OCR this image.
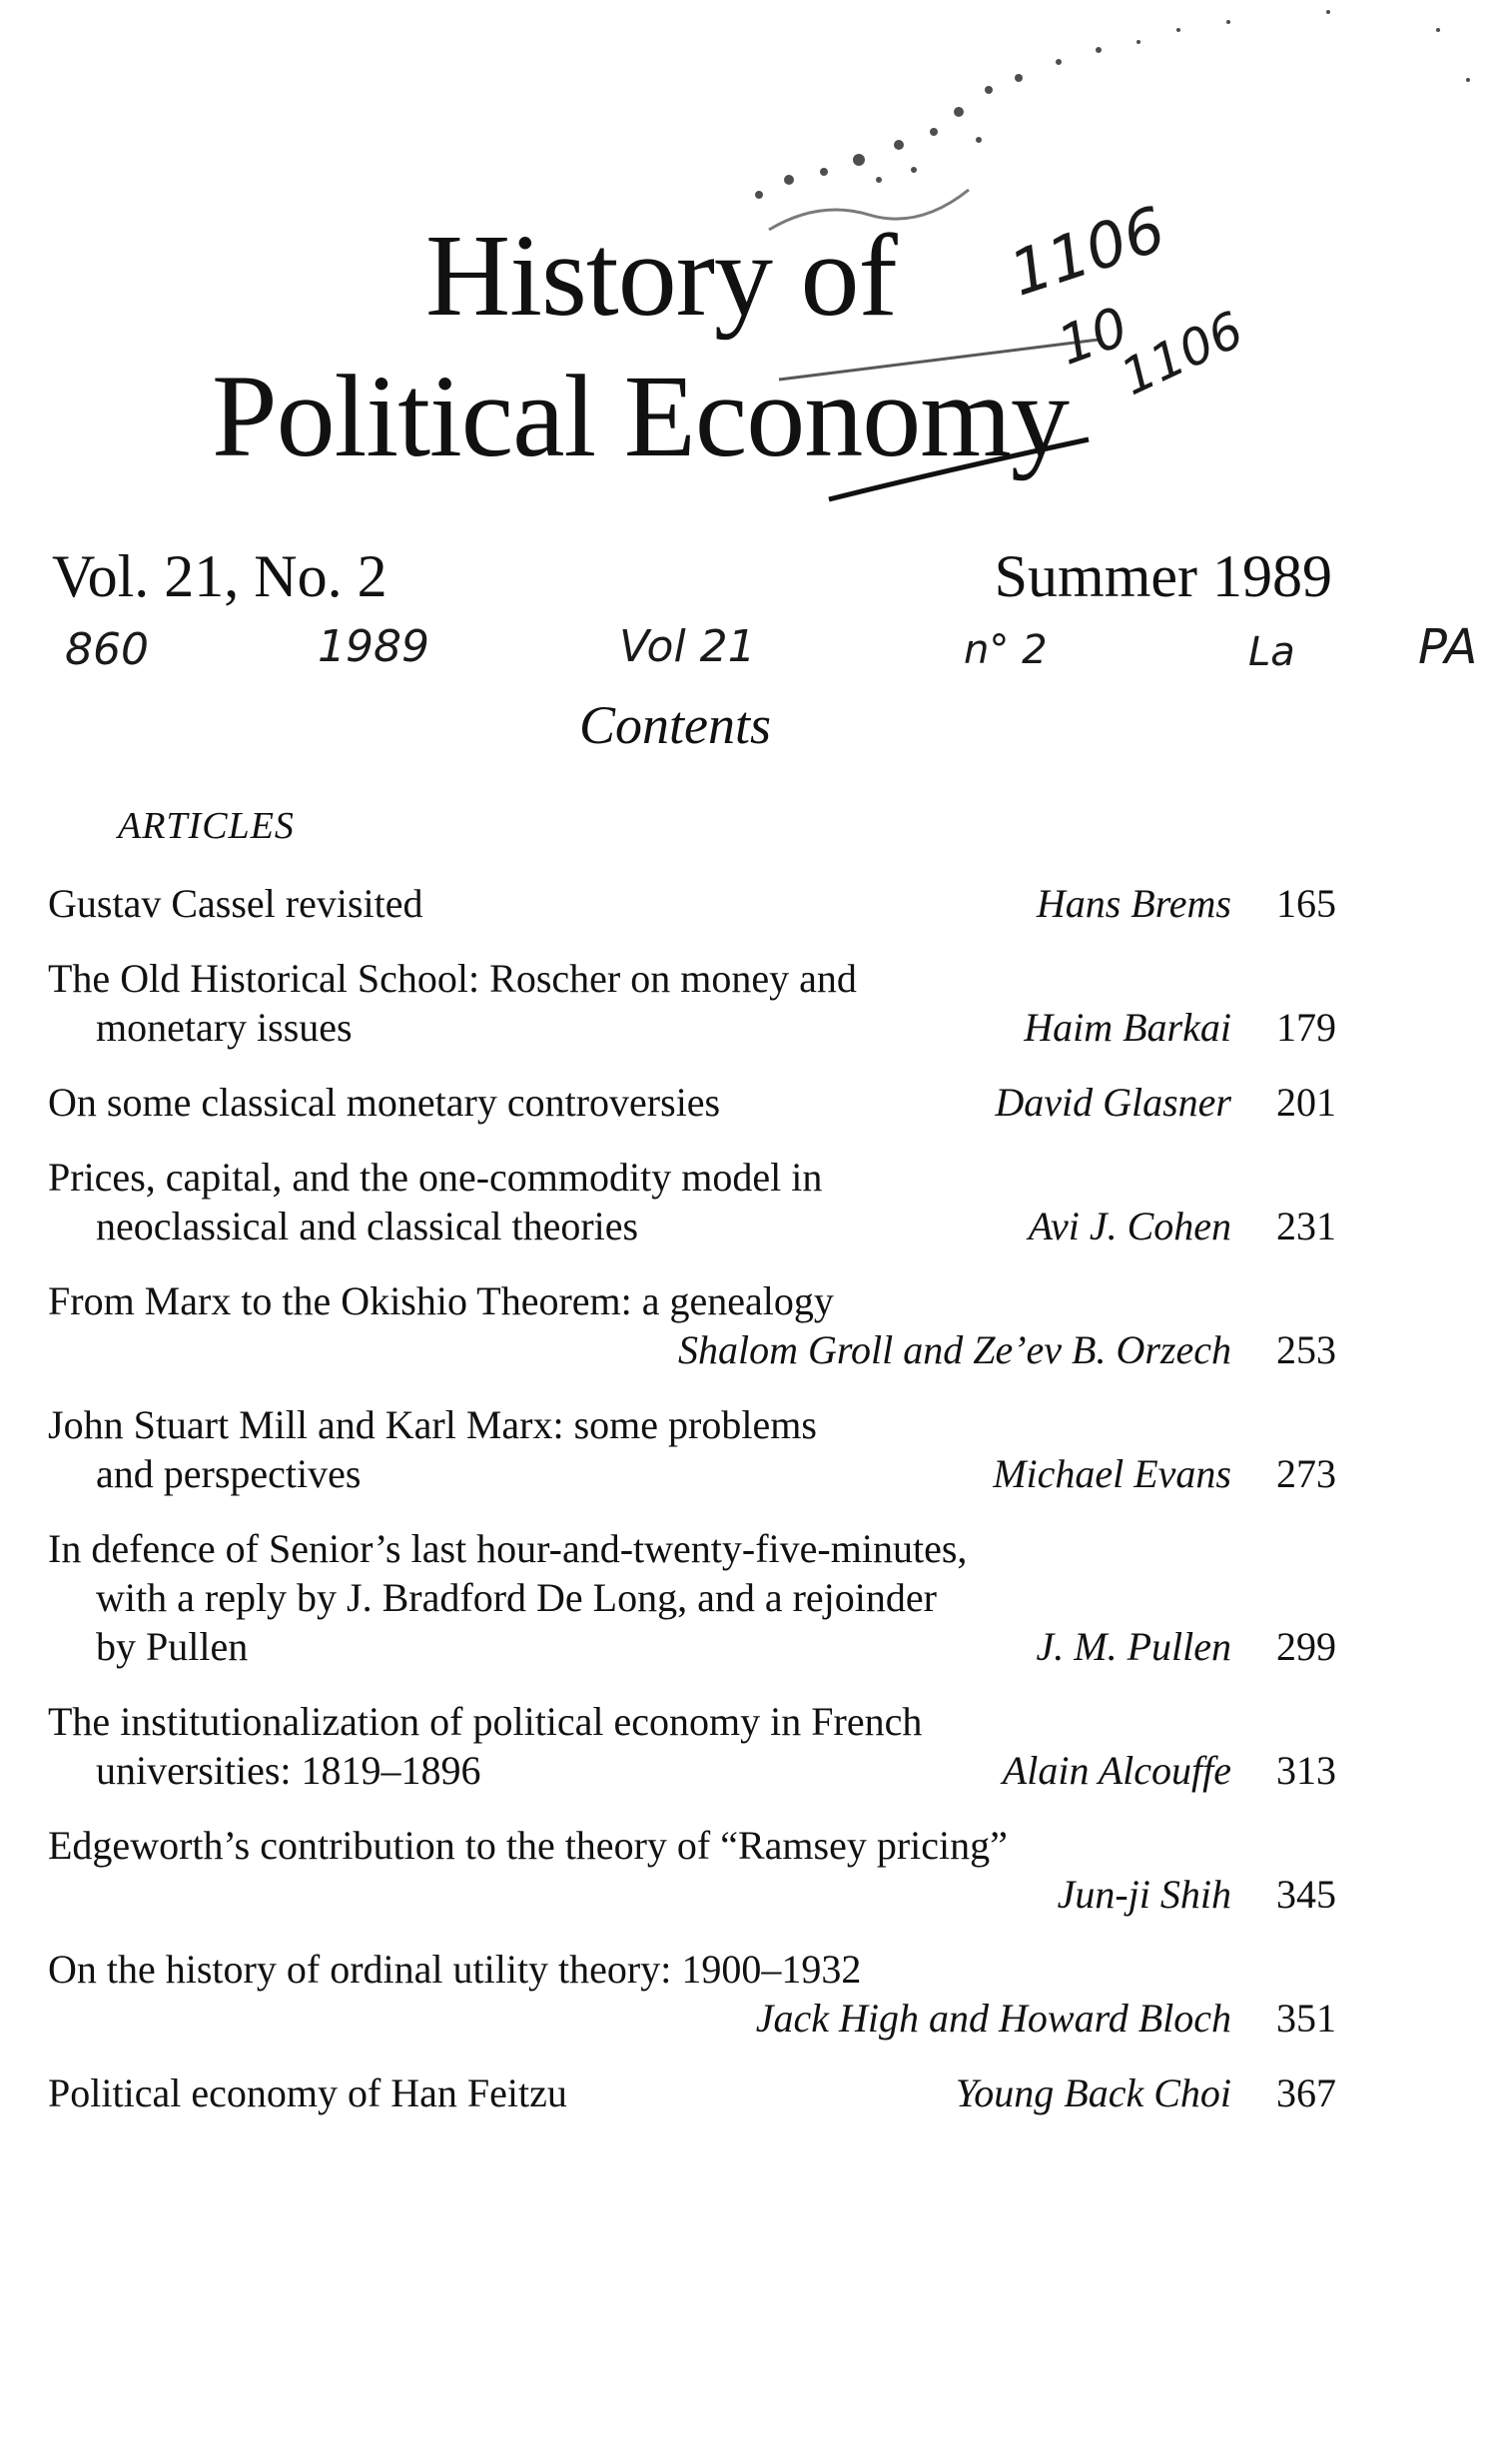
History of
Political Economy
1106
10
1106
Vol. 21, No. 2	Summer 1989
860	1989	Vol 21	n° 2	La	PA
Contents
ARTICLES
Gustav Cassel revisited	Hans Brems 165
The Old Historical School: Roscher on money and
monetary issues	Haim Barkai 179
On some classical monetary controversies	David Glasner 201
Prices, capital, and the one-commodity model in
neoclassical and classical theories	Avi J. Cohen 231
From Marx to the Okishio Theorem: a genealogy

Shalom Groll and Ze’ev B. Orzech 253
John Stuart Mill and Karl Marx: some problems
and perspectives	Michael Evans 273
In defence of Senior’s last hour-and-twenty-five-minutes,
with a reply by J. Bradford De Long, and a rejoinder
by Pullen	J. M. Pullen 299
The institutionalization of political economy in French
universities: 1819–1896	Alain Alcouffe 313
Edgeworth’s contribution to the theory of “Ramsey pricing”

Jun-ji Shih 345
On the history of ordinal utility theory: 1900–1932

Jack High and Howard Bloch 351
Political economy of Han Feitzu	Young Back Choi 367
